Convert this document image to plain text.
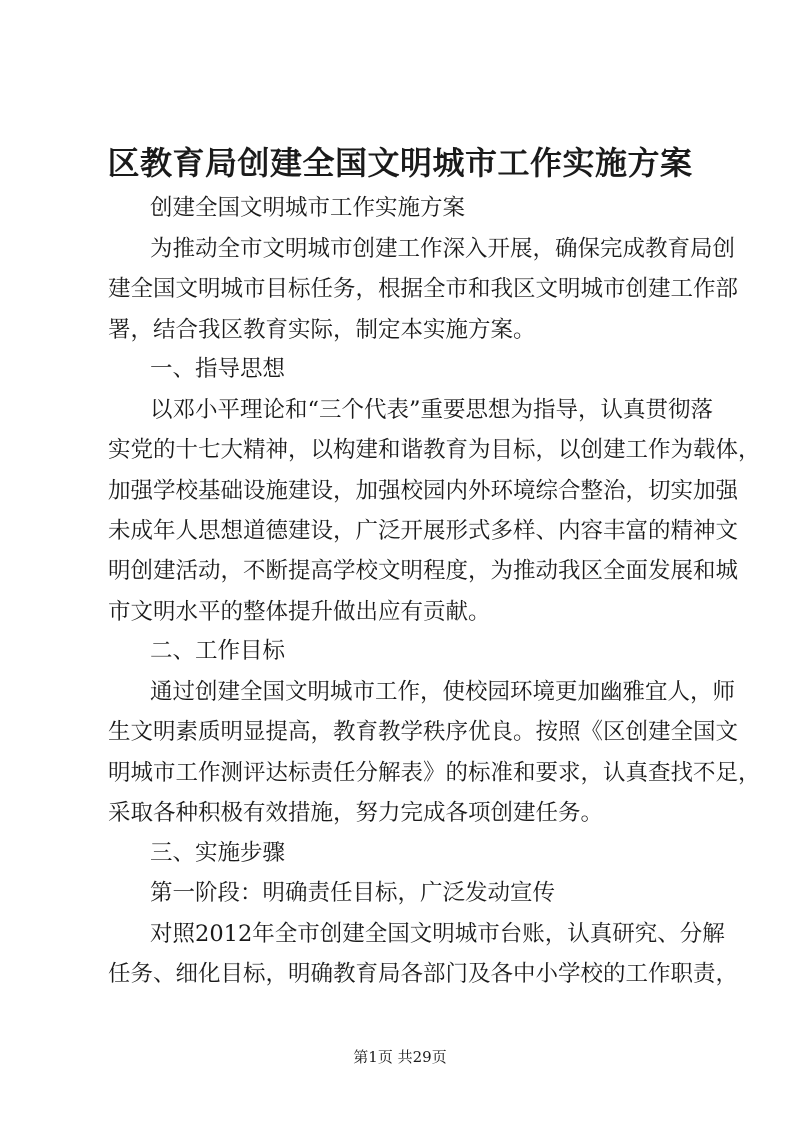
区教育局创建全国文明城市工作实施方案
创建全国文明城市工作实施方案
为推动全市文明城市创建工作深入开展，确保完成教育局创
建全国文明城市目标任务，根据全市和我区文明城市创建工作部
署，结合我区教育实际，制定本实施方案。
一、指导思想
以邓小平理论和“三个代表”重要思想为指导，认真贯彻落
实党的十七大精神，以构建和谐教育为目标，以创建工作为载体，
加强学校基础设施建设，加强校园内外环境综合整治，切实加强
未成年人思想道德建设，广泛开展形式多样、内容丰富的精神文
明创建活动，不断提高学校文明程度，为推动我区全面发展和城
市文明水平的整体提升做出应有贡献。
二、工作目标
通过创建全国文明城市工作，使校园环境更加幽雅宜人，师
生文明素质明显提高，教育教学秩序优良。按照《区创建全国文
明城市工作测评达标责任分解表》的标准和要求，认真查找不足，
采取各种积极有效措施，努力完成各项创建任务。
三、实施步骤
第一阶段：明确责任目标，广泛发动宣传
对照2012年全市创建全国文明城市台账，认真研究、分解
任务、细化目标，明确教育局各部门及各中小学校的工作职责，
第1页 共29页
